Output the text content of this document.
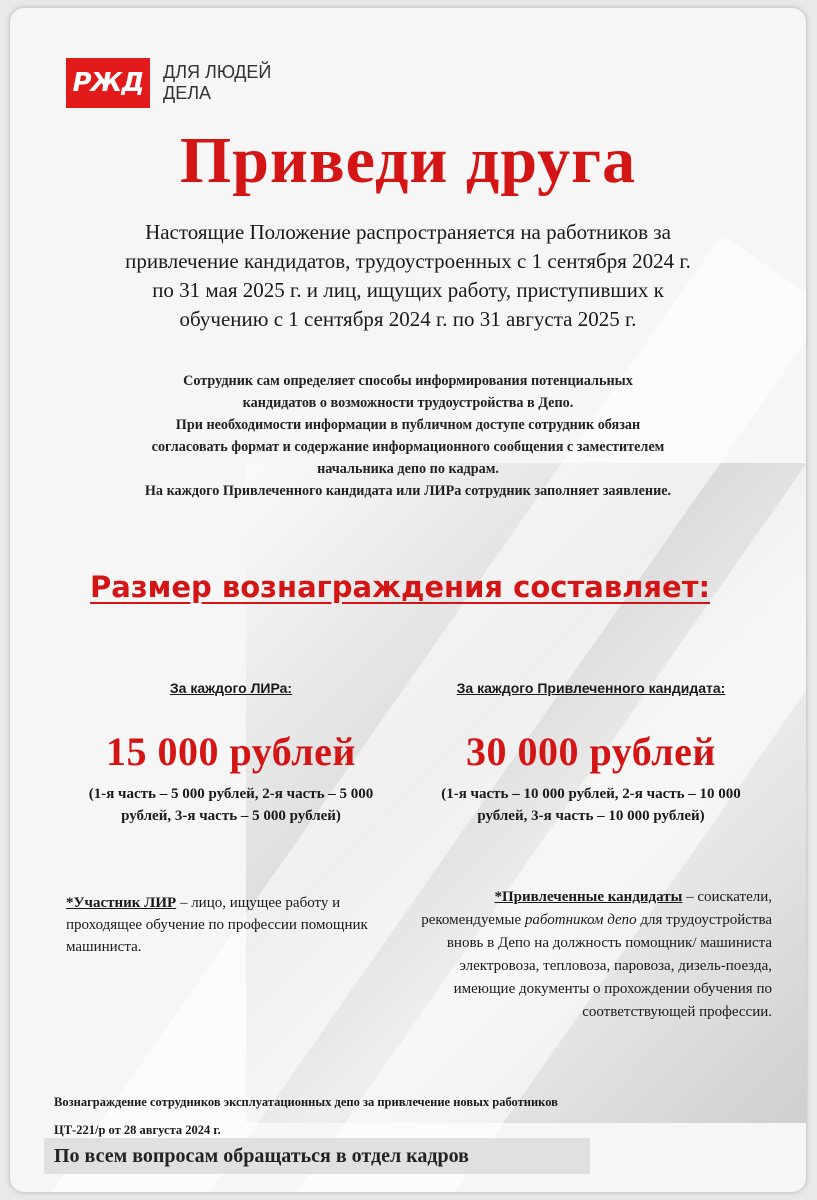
РЖД	ДЛЯ ЛЮДЕЙ
ДЕЛА
Приведи друга
Настоящие Положение распространяется на работников за
привлечение кандидатов, трудоустроенных с 1 сентября 2024 г.
по 31 мая 2025 г. и лиц, ищущих работу, приступивших к
обучению с 1 сентября 2024 г. по 31 августа 2025 г.
Сотрудник сам определяет способы информирования потенциальных
кандидатов о возможности трудоустройства в Депо.
При необходимости информации в публичном доступе сотрудник обязан
согласовать формат и содержание информационного сообщения с заместителем
начальника депо по кадрам.
На каждого Привлеченного кандидата или ЛИРа сотрудник заполняет заявление.
Размер вознаграждения составляет:
За каждого ЛИРа:
15 000 рублей
(1-я часть – 5 000 рублей, 2-я часть – 5 000 рублей, 3-я часть – 5 000 рублей)
За каждого Привлеченного кандидата:
30 000 рублей
(1-я часть – 10 000 рублей, 2-я часть – 10 000 рублей, 3-я часть – 10 000 рублей)
*Участник ЛИР – лицо, ищущее работу и проходящее обучение по профессии помощник машиниста.
*Привлеченные кандидаты – соискатели, рекомендуемые работником депо для трудоустройства вновь в Депо на должность помощник/ машиниста электровоза, тепловоза, паровоза, дизель-поезда, имеющие документы о прохождении обучения по соответствующей профессии.
Вознаграждение сотрудников эксплуатационных депо за привлечение новых работников
ЦТ-221/р от 28 августа 2024 г.
По всем вопросам обращаться в отдел кадров
